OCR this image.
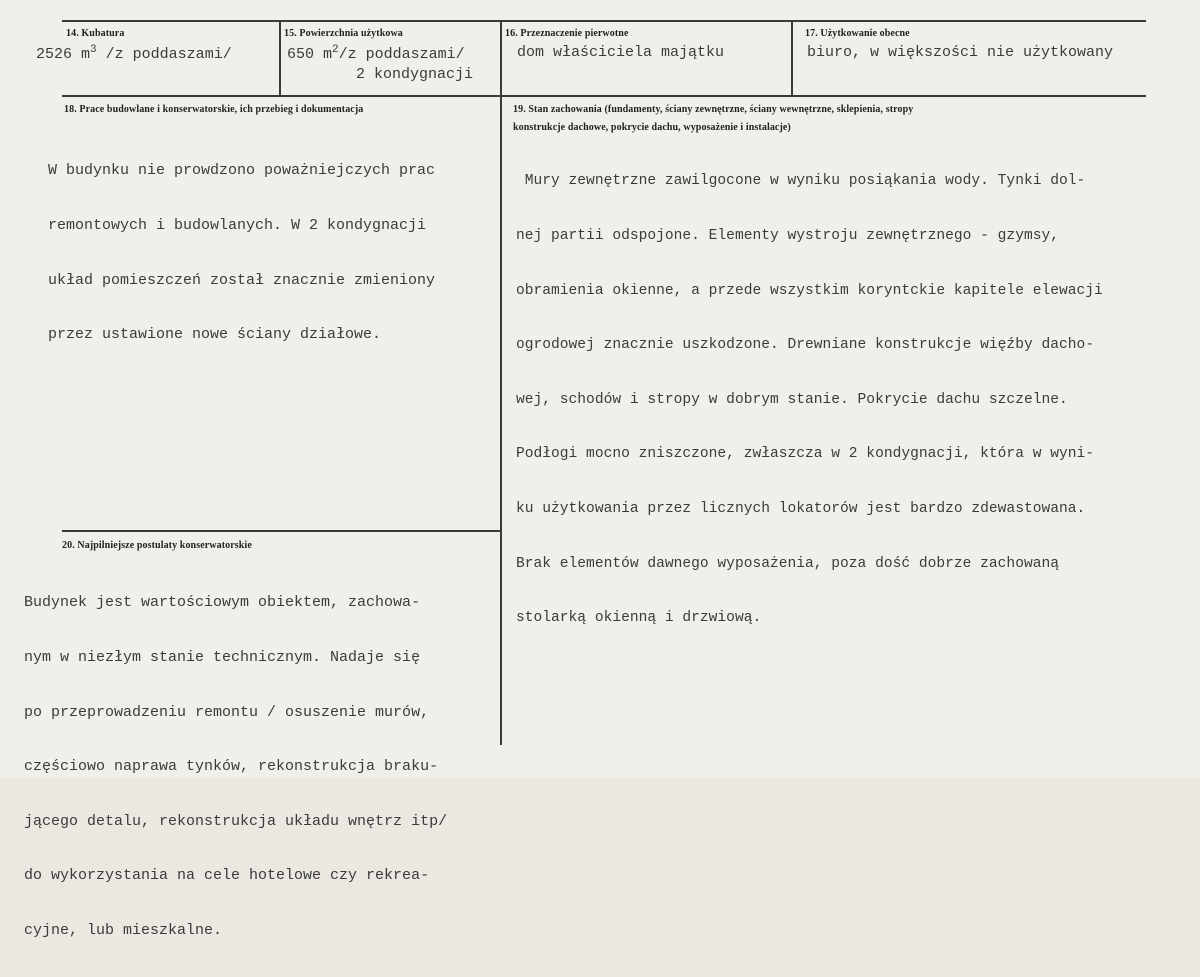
14. Kubatura
2526 $m^3$ /z poddaszami/
15. Powierzchnia użytkowa
650 $m^2/z$ poddaszami/
2 kondygnacji
16. Przeznaczenie pierwotne
dom właściciela majątku
17. Użytkowanie obecne
biuro, w większości nie użytkowany
18. Prace budowlane i konserwatorskie, ich przebieg i dokumentacja

W budynku nie prowdzono poważniejczych prac

remontowych i budowlanych. W 2 kondygnacji

układ pomieszczeń został znacznie zmieniony

przez ustawione nowe ściany działowe.

19. Stan zachowania (fundamenty, ściany zewnętrzne, ściany wewnętrzne, sklepienia, stropy
konstrukcje dachowe, pokrycie dachu, wyposażenie i instalacje)

Mury zewnętrzne zawilgocone w wyniku posiąkania wody. Tynki dol-

nej partii odspojone. Elementy wystroju zewnętrznego - gzymsy,

obramienia okienne, a przede wszystkim koryntckie kapitele elewacji

ogrodowej znacznie uszkodzone. Drewniane konstrukcje więźby dacho-

wej, schodów i stropy w dobrym stanie. Pokrycie dachu szczelne.

Podłogi mocno zniszczone, zwłaszcza w 2 kondygnacji, która w wyni-

ku użytkowania przez licznych lokatorów jest bardzo zdewastowana.

Brak elementów dawnego wyposażenia, poza dość dobrze zachowaną

stolarką okienną i drzwiową.

20. Najpilniejsze postulaty konserwatorskie

Budynek jest wartościowym obiektem, zachowa-

nym w niezłym stanie technicznym. Nadaje się

po przeprowadzeniu remontu / osuszenie murów,

częściowo naprawa tynków, rekonstrukcja braku-

jącego detalu, rekonstrukcja układu wnętrz itp/

do wykorzystania na cele hotelowe czy rekrea-

cyjne, lub mieszkalne.
